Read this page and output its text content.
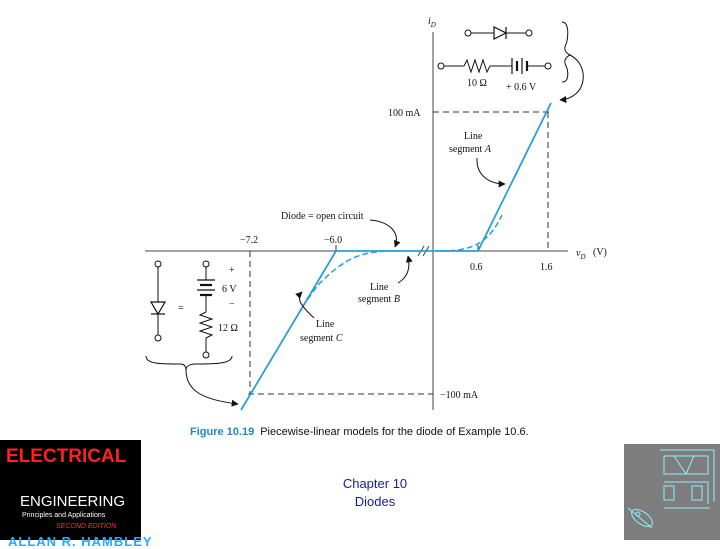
$i_D$
$v_D$ (V)
100 mA
−100 mA
−7.2	−6.0
0.6	1.6
Diode = open circuit
Line
segment A
Line
segment B
Line
segment C
10 Ω + 0.6 V
=
+
6 V
−
12 Ω
Figure 10.19 Piecewise-linear models for the diode of Example 10.6.
ELECTRICAL
ENGINEERING
Principles and Applications
SECOND EDITION
ALLAN R. HAMBLEY
Chapter 10
Diodes
